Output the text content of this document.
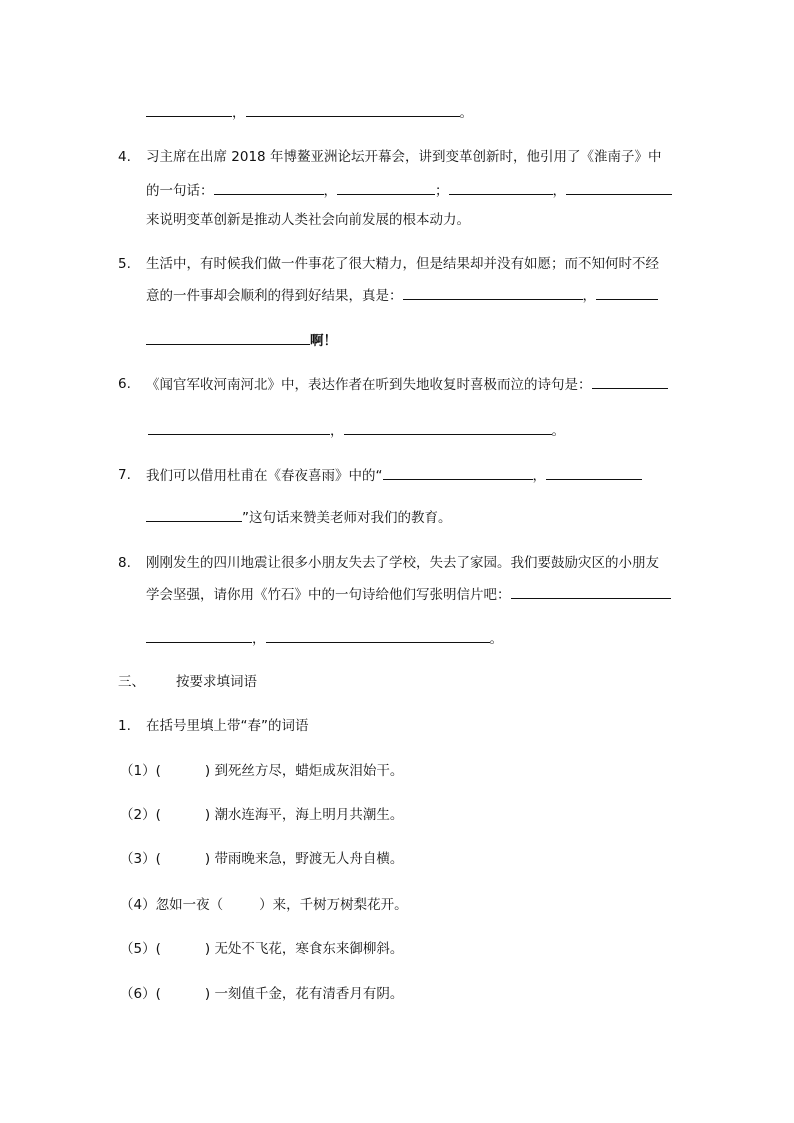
，	。
4. 习主席在出席 2018 年博鳌亚洲论坛开幕会，讲到变革创新时，他引用了《淮南子》中
的一句话：	，	；	，
来说明变革创新是推动人类社会向前发展的根本动力。
5. 生活中，有时候我们做一件事花了很大精力，但是结果却并没有如愿；而不知何时不经
意的一件事却会顺利的得到好结果，真是：	，
啊！
6. 《闻官军收河南河北》中，表达作者在听到失地收复时喜极而泣的诗句是：
，	。
7. 我们可以借用杜甫在《春夜喜雨》中的“	，
”这句话来赞美老师对我们的教育。
8. 刚刚发生的四川地震让很多小朋友失去了学校，失去了家园。我们要鼓励灾区的小朋友
学会坚强，请你用《竹石》中的一句诗给他们写张明信片吧：
，	。
三、 按要求填词语
1. 在括号里填上带“春”的词语
（1）(	) 到死丝方尽，蜡炬成灰泪始干。
（2）(	) 潮水连海平，海上明月共潮生。
（3）(	) 带雨晚来急，野渡无人舟自横。
（4）忽如一夜（	）来，千树万树梨花开。
（5）(	) 无处不飞花，寒食东来御柳斜。
（6）(	) 一刻值千金，花有清香月有阴。
